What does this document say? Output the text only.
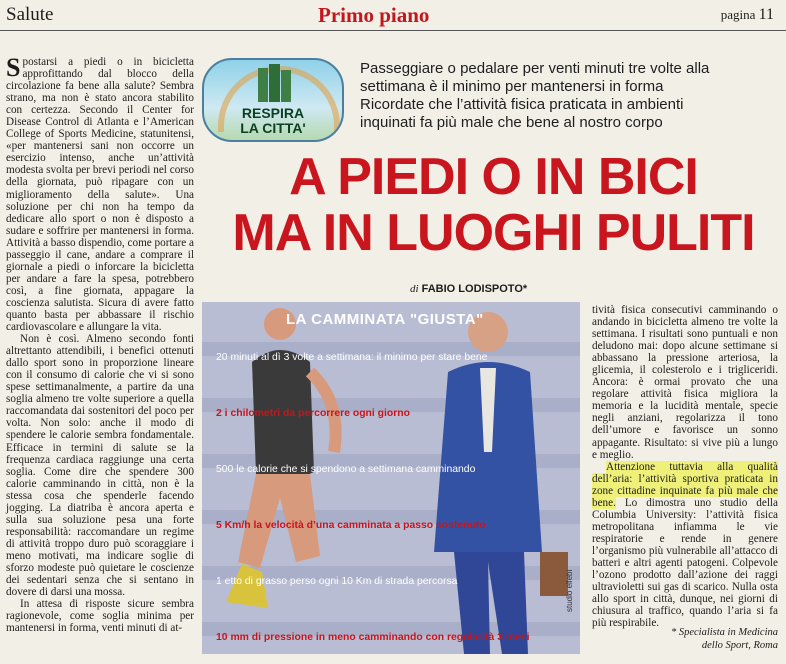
Salute	Primo piano	pagina 11

Spostarsi a piedi o in bicicletta approfittando dal blocco della circolazione fa bene alla salute? Sembra strano, ma non è stato ancora stabilito con certezza. Secondo il Center for Disease Control di Atlanta e l’American College of Sports Medicine, statunitensi, «per mantenersi sani non occorre un esercizio intenso, anche un’attività modesta svolta per brevi periodi nel corso della giornata, può ripagare con un miglioramento della salute». Una soluzione per chi non ha tempo da dedicare allo sport o non è disposto a sudare e soffrire per mantenersi in forma. Attività a basso dispendio, come portare a passeggio il cane, andare a comprare il giornale a piedi o inforcare la bicicletta per andare a fare la spesa, potrebbero così, a fine giornata, appagare la coscienza salutista. Sicura di avere fatto quanto basta per abbassare il rischio cardiovascolare e allungare la vita.

Non è così. Almeno secondo fonti altrettanto attendibili, i benefici ottenuti dallo sport sono in proporzione lineare con il consumo di calorie che vi si sono spese settimanalmente, a partire da una soglia almeno tre volte superiore a quella raccomandata dai sostenitori del poco per volta. Non solo: anche il modo di spendere le calorie sembra fondamentale. Efficace in termini di salute se la frequenza cardiaca raggiunge una certa soglia. Come dire che spendere 300 calorie camminando in città, non è la stessa cosa che spenderle facendo jogging. La diatriba è ancora aperta e sulla sua soluzione pesa una forte responsabilità: raccomandare un regime di attività troppo duro può scoraggiare i meno motivati, ma indicare soglie di sforzo modeste può quietare le coscienze dei sedentari senza che si sentano in dovere di darsi una mossa.

In attesa di risposte sicure sembra ragionevole, come soglia minima per mantenersi in forma, venti minuti di at-

RESPIRA
LA CITTA'
Passeggiare o pedalare per venti minuti tre volte alla
settimana è il minimo per mantenersi in forma
Ricordate che l’attività fisica praticata in ambienti
inquinati fa più male che bene al nostro corpo
A PIEDI O IN BICI
MA IN LUOGHI PULITI
di FABIO LODISPOTO*
LA CAMMINATA "GIUSTA"
20 minuti al dì 3 volte a settimana: il minimo per stare bene
2 i chilometri da percorrere ogni giorno
500 le calorie che si spendono a settimana camminando
5 Km/h la velocità d’una camminata a passo sostenuto
1 etto di grasso perso ogni 10 Km di strada percorsa
10 mm di pressione in meno camminando con regolarità 3 mesi
studio ellebi

tività fisica consecutivi camminando o andando in bicicletta almeno tre volte la settimana. I risultati sono puntuali e non deludono mai: dopo alcune settimane si abbassano la pressione arteriosa, la glicemia, il colesterolo e i trigliceridi. Ancora: è ormai provato che una regolare attività fisica migliora la memoria e la lucidità mentale, specie negli anziani, regolarizza il tono dell’umore e favorisce un sonno appagante. Risultato: si vive più a lungo e meglio.

Attenzione tuttavia alla qualità dell’aria: l’attività sportiva praticata in zone cittadine inquinate fa più male che bene. Lo dimostra uno studio della Columbia University: l’attività fisica metropolitana infiamma le vie respiratorie e rende in genere l’organismo più vulnerabile all’attacco di batteri e altri agenti patogeni. Colpevole l’ozono prodotto dall’azione dei raggi ultravioletti sui gas di scarico. Nulla osta allo sport in città, dunque, nei giorni di chiusura al traffico, quando l’aria si fa più respirabile.

* Specialista in Medicina
dello Sport, Roma
